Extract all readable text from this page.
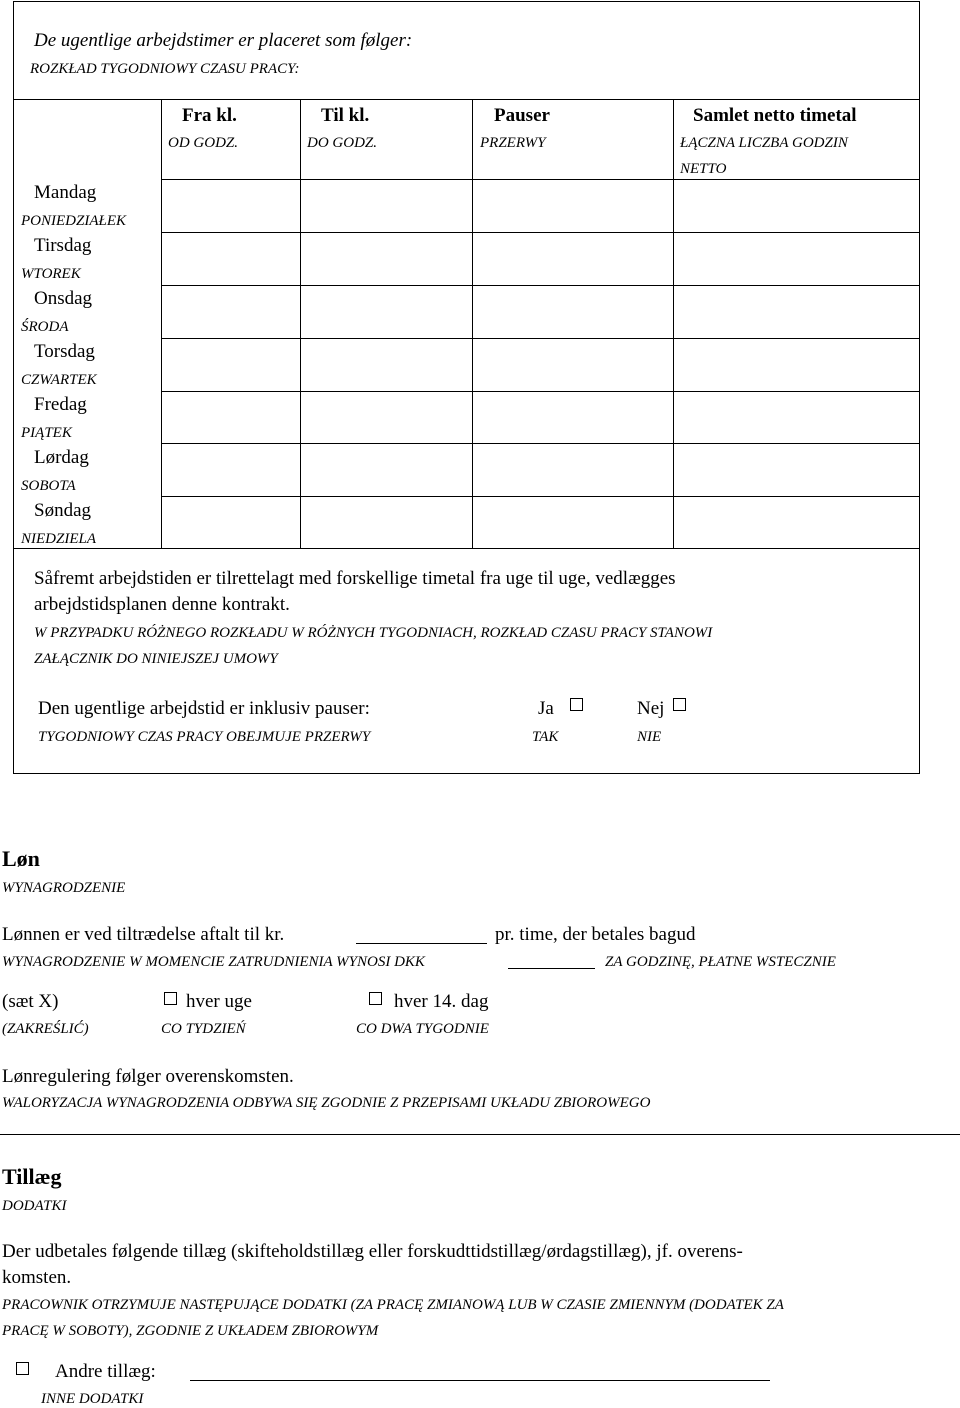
De ugentlige arbejdstimer er placeret som følger:
ROZKŁAD TYGODNIOWY CZASU PRACY:
Fra kl.
OD GODZ.
Til kl.
DO GODZ.
Pauser
PRZERWY
Samlet netto timetal
ŁĄCZNA LICZBA GODZIN
NETTO
Mandag
PONIEDZIAŁEK
Tirsdag
WTOREK
Onsdag
ŚRODA
Torsdag
CZWARTEK
Fredag
PIĄTEK
Lørdag
SOBOTA
Søndag
NIEDZIELA
Såfremt arbejdstiden er tilrettelagt med forskellige timetal fra uge til uge, vedlægges
arbejdstidsplanen denne kontrakt.
W PRZYPADKU RÓŻNEGO ROZKŁADU W RÓŻNYCH TYGODNIACH, ROZKŁAD CZASU PRACY STANOWI
ZAŁĄCZNIK DO NINIEJSZEJ UMOWY
Den ugentlige arbejdstid er inklusiv pauser:
TYGODNIOWY CZAS PRACY OBEJMUJE PRZERWY
Ja
TAK
Nej
NIE
Løn
WYNAGRODZENIE
Lønnen er ved tiltrædelse aftalt til kr.	pr. time, der betales bagud
WYNAGRODZENIE W MOMENCIE ZATRUDNIENIA WYNOSI DKK	ZA GODZINĘ, PŁATNE WSTECZNIE
(sæt X)
(ZAKREŚLIĆ)
hver uge
CO TYDZIEŃ
hver 14. dag
CO DWA TYGODNIE
Lønregulering følger overenskomsten.
WALORYZACJA WYNAGRODZENIA ODBYWA SIĘ ZGODNIE Z PRZEPISAMI UKŁADU ZBIOROWEGO
Tillæg
DODATKI
Der udbetales følgende tillæg (skifteholdstillæg eller forskudttidstillæg/ørdagstillæg), jf. overens-
komsten.
PRACOWNIK OTRZYMUJE NASTĘPUJĄCE DODATKI (ZA PRACĘ ZMIANOWĄ LUB W CZASIE ZMIENNYM (DODATEK ZA
PRACĘ W SOBOTY), ZGODNIE Z UKŁADEM ZBIOROWYM
Andre tillæg:
INNE DODATKI
